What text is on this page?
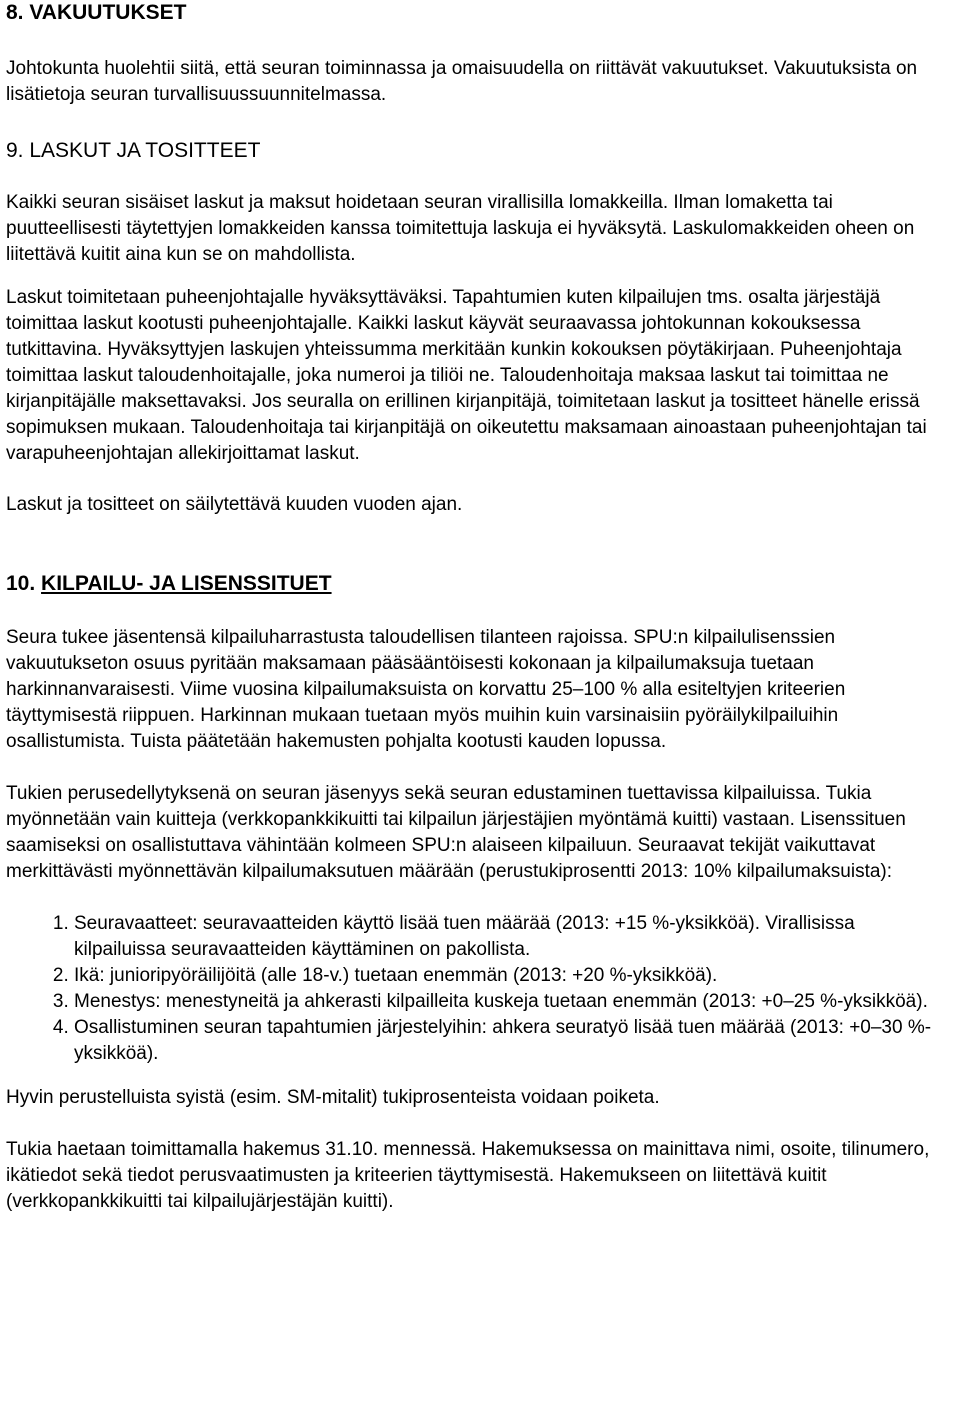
8. VAKUUTUKSET

Johtokunta huolehtii siitä, että seuran toiminnassa ja omaisuudella on riittävät vakuutukset. Vakuutuksista on lisätietoja seuran turvallisuussuunnitelmassa.

9. LASKUT JA TOSITTEET

Kaikki seuran sisäiset laskut ja maksut hoidetaan seuran virallisilla lomakkeilla. Ilman lomaketta tai puutteellisesti täytettyjen lomakkeiden kanssa toimitettuja laskuja ei hyväksytä. Laskulomakkeiden oheen on liitettävä kuitit aina kun se on mahdollista.

Laskut toimitetaan puheenjohtajalle hyväksyttäväksi. Tapahtumien kuten kilpailujen tms. osalta järjestäjä toimittaa laskut kootusti puheenjohtajalle. Kaikki laskut käyvät seuraavassa johtokunnan kokouksessa tutkittavina. Hyväksyttyjen laskujen yhteissumma merkitään kunkin kokouksen pöytäkirjaan. Puheenjohtaja toimittaa laskut taloudenhoitajalle, joka numeroi ja tiliöi ne. Taloudenhoitaja maksaa laskut tai toimittaa ne kirjanpitäjälle maksettavaksi. Jos seuralla on erillinen kirjanpitäjä, toimitetaan laskut ja tositteet hänelle erissä sopimuksen mukaan. Taloudenhoitaja tai kirjanpitäjä on oikeutettu maksamaan ainoastaan puheenjohtajan tai varapuheenjohtajan allekirjoittamat laskut.

Laskut ja tositteet on säilytettävä kuuden vuoden ajan.

10. KILPAILU- JA LISENSSITUET

Seura tukee jäsentensä kilpailuharrastusta taloudellisen tilanteen rajoissa. SPU:n kilpailulisenssien vakuutukseton osuus pyritään maksamaan pääsääntöisesti kokonaan ja kilpailumaksuja tuetaan harkinnanvaraisesti. Viime vuosina kilpailumaksuista on korvattu 25–100 % alla esiteltyjen kriteerien täyttymisestä riippuen. Harkinnan mukaan tuetaan myös muihin kuin varsinaisiin pyöräilykilpailuihin osallistumista. Tuista päätetään hakemusten pohjalta kootusti kauden lopussa.

Tukien perusedellytyksenä on seuran jäsenyys sekä seuran edustaminen tuettavissa kilpailuissa. Tukia myönnetään vain kuitteja (verkkopankkikuitti tai kilpailun järjestäjien myöntämä kuitti) vastaan. Lisenssituen saamiseksi on osallistuttava vähintään kolmeen SPU:n alaiseen kilpailuun. Seuraavat tekijät vaikuttavat merkittävästi myönnettävän kilpailumaksutuen määrään (perustukiprosentti 2013: 10% kilpailumaksuista):

1. Seuravaatteet: seuravaatteiden käyttö lisää tuen määrää (2013: +15 %-yksikköä). Virallisissa kilpailuissa seuravaatteiden käyttäminen on pakollista.
2. Ikä: junioripyöräilijöitä (alle 18-v.) tuetaan enemmän (2013: +20 %-yksikköä).
3. Menestys: menestyneitä ja ahkerasti kilpailleita kuskeja tuetaan enemmän (2013: +0–25 %-yksikköä).
4. Osallistuminen seuran tapahtumien järjestelyihin: ahkera seuratyö lisää tuen määrää (2013: +0–30 %-yksikköä).

Hyvin perustelluista syistä (esim. SM-mitalit) tukiprosenteista voidaan poiketa.

Tukia haetaan toimittamalla hakemus 31.10. mennessä. Hakemuksessa on mainittava nimi, osoite, tilinumero, ikätiedot sekä tiedot perusvaatimusten ja kriteerien täyttymisestä. Hakemukseen on liitettävä kuitit (verkkopankkikuitti tai kilpailujärjestäjän kuitti).
